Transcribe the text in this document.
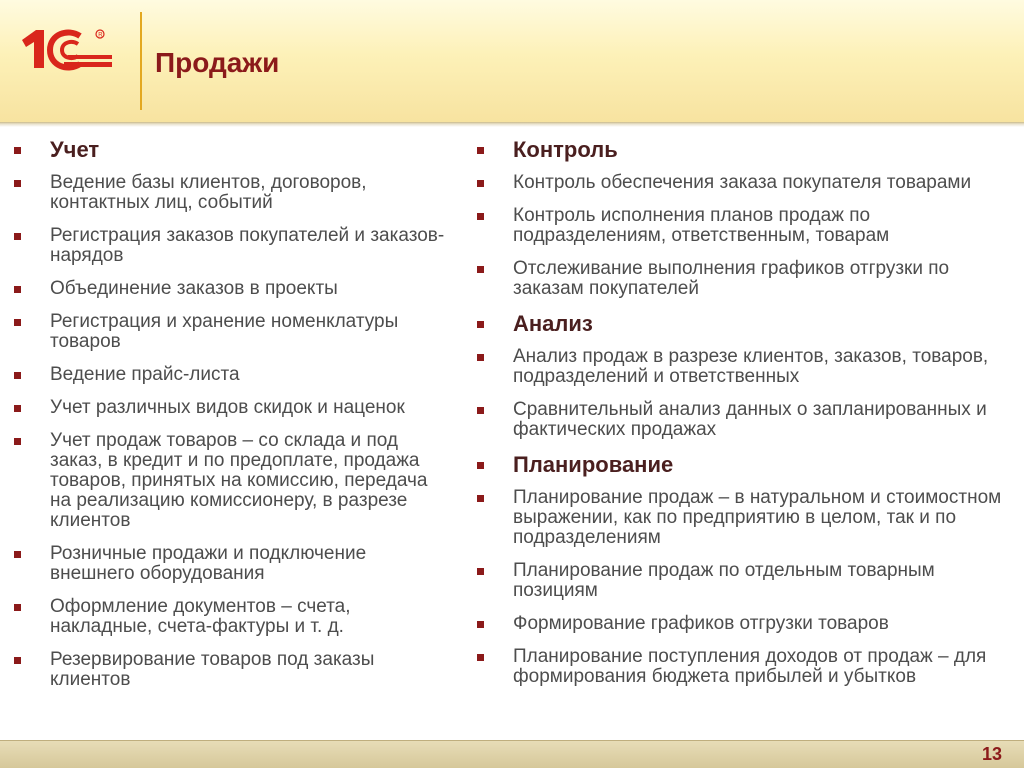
R
Продажи
Учет
Ведение базы клиентов, договоров, контактных лиц, событий
Регистрация заказов покупателей и заказов-нарядов
Объединение заказов в проекты
Регистрация и хранение номенклатуры товаров
Ведение прайс-листа
Учет различных видов скидок и наценок
Учет продаж товаров – со склада и под заказ, в кредит и по предоплате, продажа товаров, принятых на комиссию, передача на реализацию комиссионеру, в разрезе клиентов
Розничные продажи и подключение внешнего оборудования
Оформление документов – счета, накладные, счета-фактуры и т. д.
Резервирование товаров под заказы клиентов
Контроль
Контроль обеспечения заказа покупателя товарами
Контроль исполнения планов продаж по подразделениям, ответственным, товарам
Отслеживание выполнения графиков отгрузки по заказам покупателей
Анализ
Анализ продаж в разрезе клиентов, заказов, товаров, подразделений и ответственных
Сравнительный анализ данных о запланированных и фактических продажах
Планирование
Планирование продаж – в натуральном и стоимостном выражении, как по предприятию в целом, так и по подразделениям
Планирование продаж по отдельным товарным позициям
Формирование графиков отгрузки товаров
Планирование поступления доходов от продаж – для формирования бюджета прибылей и убытков
13
